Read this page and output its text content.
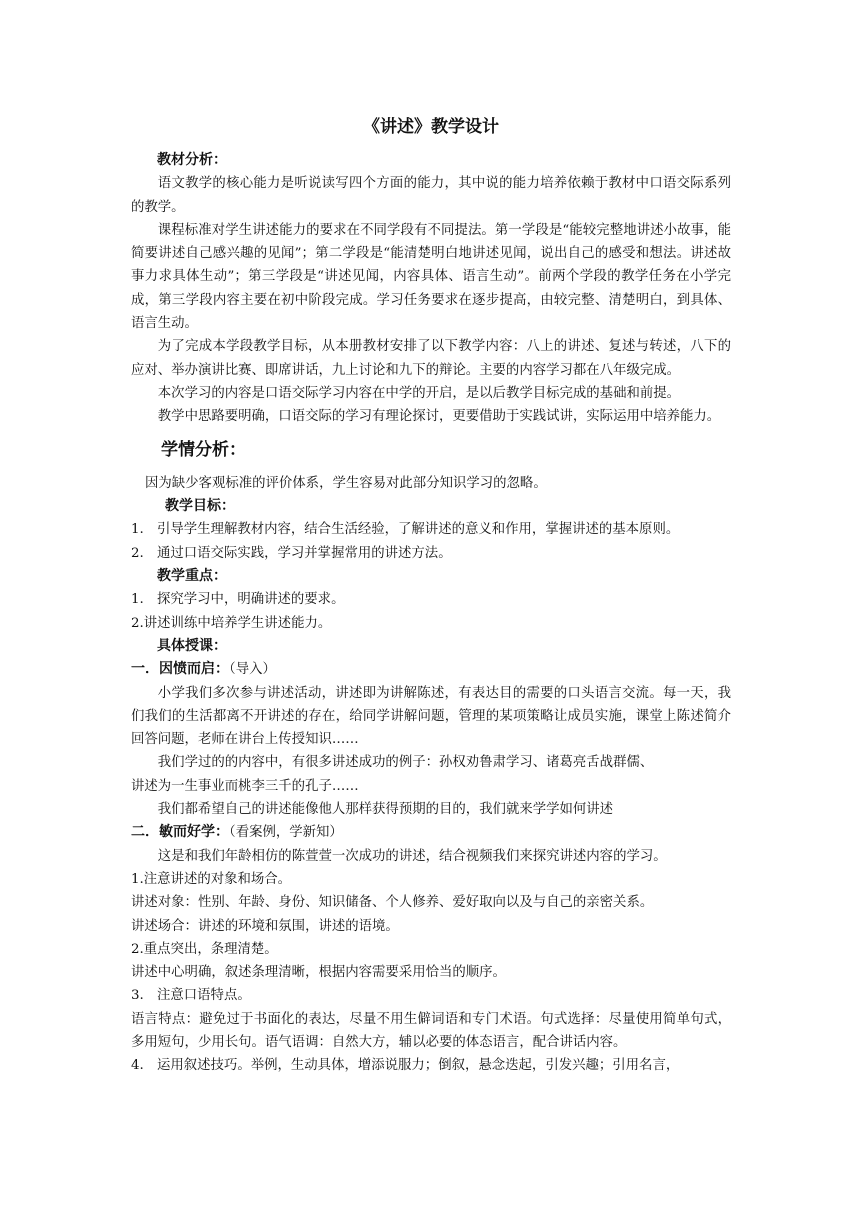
《讲述》教学设计

教材分析：

语文教学的核心能力是听说读写四个方面的能力，其中说的能力培养依赖于教材中口语交际系列的教学。

课程标准对学生讲述能力的要求在不同学段有不同提法。第一学段是“能较完整地讲述小故事，能简要讲述自己感兴趣的见闻”；第二学段是“能清楚明白地讲述见闻，说出自己的感受和想法。讲述故事力求具体生动”；第三学段是“讲述见闻，内容具体、语言生动”。前两个学段的教学任务在小学完成，第三学段内容主要在初中阶段完成。学习任务要求在逐步提高，由较完整、清楚明白，到具体、语言生动。

为了完成本学段教学目标，从本册教材安排了以下教学内容：八上的讲述、复述与转述，八下的应对、举办演讲比赛、即席讲话，九上讨论和九下的辩论。主要的内容学习都在八年级完成。

本次学习的内容是口语交际学习内容在中学的开启，是以后教学目标完成的基础和前提。

教学中思路要明确，口语交际的学习有理论探讨，更要借助于实践试讲，实际运用中培养能力。

学情分析：

因为缺少客观标准的评价体系，学生容易对此部分知识学习的忽略。

教学目标：

1. 引导学生理解教材内容，结合生活经验，了解讲述的意义和作用，掌握讲述的基本原则。
2. 通过口语交际实践，学习并掌握常用的讲述方法。

教学重点：

1. 探究学习中，明确讲述的要求。

2.讲述训练中培养学生讲述能力。

具体授课：

一．因愤而启：（导入）

小学我们多次参与讲述活动，讲述即为讲解陈述，有表达目的需要的口头语言交流。每一天，我们我们的生活都离不开讲述的存在，给同学讲解问题，管理的某项策略让成员实施，课堂上陈述简介回答问题，老师在讲台上传授知识……

我们学过的的内容中，有很多讲述成功的例子：孙权劝鲁肃学习、诸葛亮舌战群儒、

讲述为一生事业而桃李三千的孔子……

我们都希望自己的讲述能像他人那样获得预期的目的，我们就来学学如何讲述

二．敏而好学：（看案例，学新知）

这是和我们年龄相仿的陈萱萱一次成功的讲述，结合视频我们来探究讲述内容的学习。

1.注意讲述的对象和场合。

讲述对象：性别、年龄、身份、知识储备、个人修养、爱好取向以及与自己的亲密关系。

讲述场合：讲述的环境和氛围，讲述的语境。

2.重点突出，条理清楚。

讲述中心明确，叙述条理清晰，根据内容需要采用恰当的顺序。

3. 注意口语特点。

语言特点：避免过于书面化的表达，尽量不用生僻词语和专门术语。句式选择：尽量使用简单句式，多用短句，少用长句。语气语调：自然大方，辅以必要的体态语言，配合讲话内容。

4. 运用叙述技巧。举例，生动具体，增添说服力；倒叙，悬念迭起，引发兴趣；引用名言，
